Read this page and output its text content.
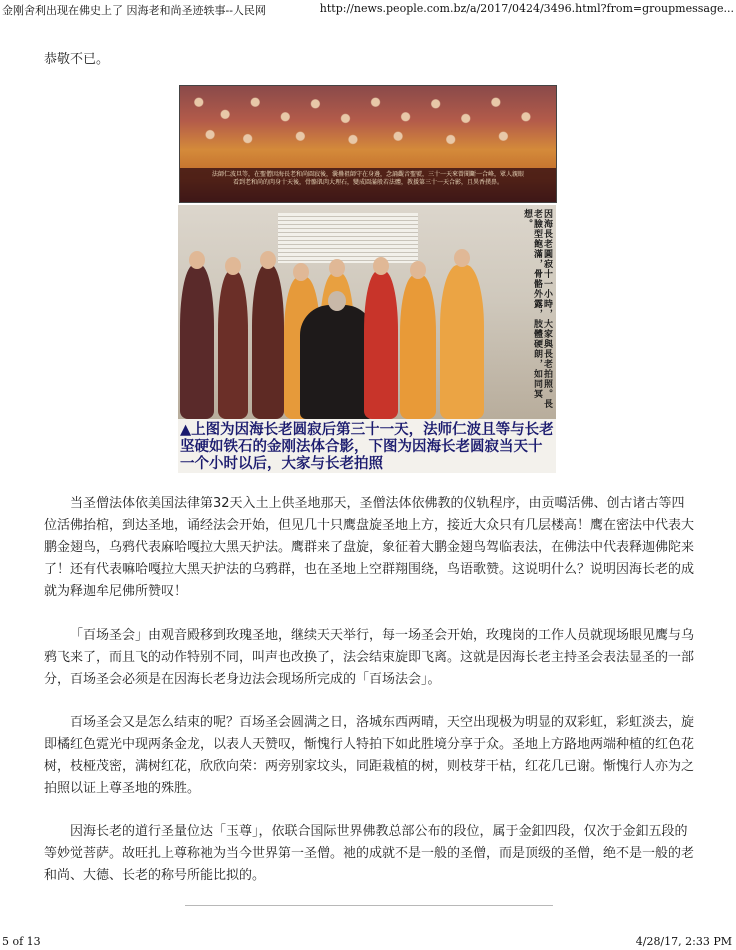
金刚舍利出现在佛史上了 因海老和尚圣迹轶事--人民网	http://news.people.com.bz/a/2017/0424/3496.html?from=groupmessage...
恭敬不已。
法師仁波旦等，在聖僧因海長老和尚圓寂後，囊疊祖師守在身邊，念誦觀音聖號，三十一天來曾聞斷一合峰，眾人親眼看到老和尚的肉身十天後，骨骼肌肉大理石，變成圓滿般若法體，教援第三十一天合影，且異香撲鼻。
因海長老圓寂十一小時，大家與長老拍照。長老臉型飽滿，骨骼外露，肢體硬朗，如同冥想。
▲上图为因海长老圆寂后第三十一天，法师仁波且等与长老坚硬如铁石的金刚法体合影，下图为因海长老圆寂当天十一个小时以后，大家与长老拍照
当圣僧法体依美国法律第32天入土上供圣地那天，圣僧法体依佛教的仪轨程序，由贡噶活佛、创古诸古等四位活佛抬棺，到达圣地，诵经法会开始，但见几十只鹰盘旋圣地上方，接近大众只有几层楼高！鹰在密法中代表大鹏金翅鸟，乌鸦代表麻哈嘎拉大黑天护法。鹰群来了盘旋，象征着大鹏金翅鸟驾临表法，在佛法中代表释迦佛陀来了！还有代表嘛哈嘎拉大黑天护法的乌鸦群，也在圣地上空群翔围绕，鸟语歌赞。这说明什么？说明因海长老的成就为释迦牟尼佛所赞叹！
「百场圣会」由观音殿移到玫瑰圣地，继续天天举行，每一场圣会开始，玫瑰岗的工作人员就现场眼见鹰与乌鸦飞来了，而且飞的动作特别不同，叫声也改换了，法会结束旋即飞离。这就是因海长老主持圣会表法显圣的一部分，百场圣会必须是在因海长老身边法会现场所完成的「百场法会」。
百场圣会又是怎么结束的呢？百场圣会圆满之日，洛城东西两晴，天空出现极为明显的双彩虹，彩虹淡去，旋即橘红色霓光中现两条金龙，以表人天赞叹，惭愧行人特拍下如此胜境分享于众。圣地上方路地两端种植的红色花树，枝桠茂密，满树红花，欣欣向荣：两旁别家坟头，同距栽植的树，则枝芽干枯，红花几已谢。惭愧行人亦为之拍照以证上尊圣地的殊胜。
因海长老的道行圣量位达「玉尊」，依联合国际世界佛教总部公布的段位，属于金釦四段，仅次于金釦五段的等妙觉菩萨。故旺扎上尊称祂为当今世界第一圣僧。祂的成就不是一般的圣僧，而是顶级的圣僧，绝不是一般的老和尚、大德、长老的称号所能比拟的。
5 of 13	4/28/17, 2:33 PM
